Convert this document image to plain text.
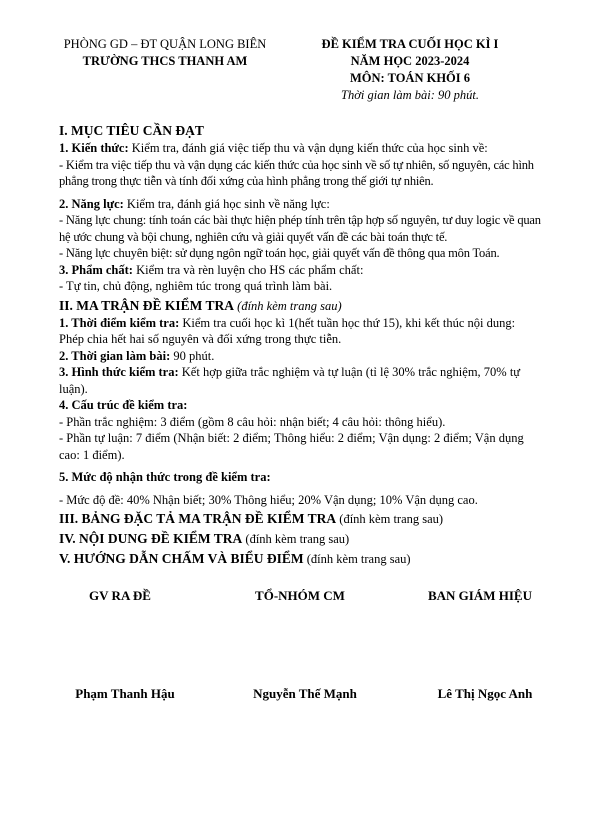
PHÒNG GD – ĐT QUẬN LONG BIÊN
TRƯỜNG THCS THANH AM
ĐỀ KIỂM TRA CUỐI HỌC KÌ I
NĂM HỌC 2023-2024
MÔN: TOÁN KHỐI 6
Thời gian làm bài: 90 phút.

I. MỤC TIÊU CẦN ĐẠT

1. Kiến thức: Kiểm tra, đánh giá việc tiếp thu và vận dụng kiến thức của học sinh về:

- Kiểm tra việc tiếp thu và vận dụng các kiến thức của học sinh về số tự nhiên, số nguyên, các hình phẳng trong thực tiễn và tính đối xứng của hình phẳng trong thế giới tự nhiên.

2. Năng lực: Kiểm tra, đánh giá học sinh về năng lực:

- Năng lực chung: tính toán các bài thực hiện phép tính trên tập hợp số nguyên, tư duy logic về quan hệ ước chung và bội chung, nghiên cứu và giải quyết vấn đề các bài toán thực tế.

- Năng lực chuyên biệt: sử dụng ngôn ngữ toán học, giải quyết vấn đề thông qua môn Toán.

3. Phẩm chất: Kiểm tra và rèn luyện cho HS các phẩm chất:

- Tự tin, chủ động, nghiêm túc trong quá trình làm bài.

II. MA TRẬN ĐỀ KIỂM TRA (đính kèm trang sau)

1. Thời điểm kiểm tra: Kiểm tra cuối học kì 1(hết tuần học thứ 15), khi kết thúc nội dung: Phép chia hết hai số nguyên và đối xứng trong thực tiễn.

2. Thời gian làm bài: 90 phút.

3. Hình thức kiểm tra: Kết hợp giữa trắc nghiệm và tự luận (tỉ lệ 30% trắc nghiệm, 70% tự luận).

4. Cấu trúc đề kiểm tra:

- Phần trắc nghiệm: 3 điểm (gồm 8 câu hỏi: nhận biết; 4 câu hỏi: thông hiểu).

- Phần tự luận: 7 điểm (Nhận biết: 2 điểm; Thông hiểu: 2 điểm; Vận dụng: 2 điểm; Vận dụng cao: 1 điểm).

5. Mức độ nhận thức trong đề kiểm tra:

- Mức độ đề: 40% Nhận biết; 30% Thông hiểu; 20% Vận dụng; 10% Vận dụng cao.

III. BẢNG ĐẶC TẢ MA TRẬN ĐỀ KIỂM TRA (đính kèm trang sau)

IV. NỘI DUNG ĐỀ KIỂM TRA (đính kèm trang sau)

V. HƯỚNG DẪN CHẤM VÀ BIỂU ĐIỂM (đính kèm trang sau)

GV RA ĐỀ	TỔ-NHÓM CM	BAN GIÁM HIỆU
Phạm Thanh Hậu	Nguyễn Thế Mạnh	Lê Thị Ngọc Anh
